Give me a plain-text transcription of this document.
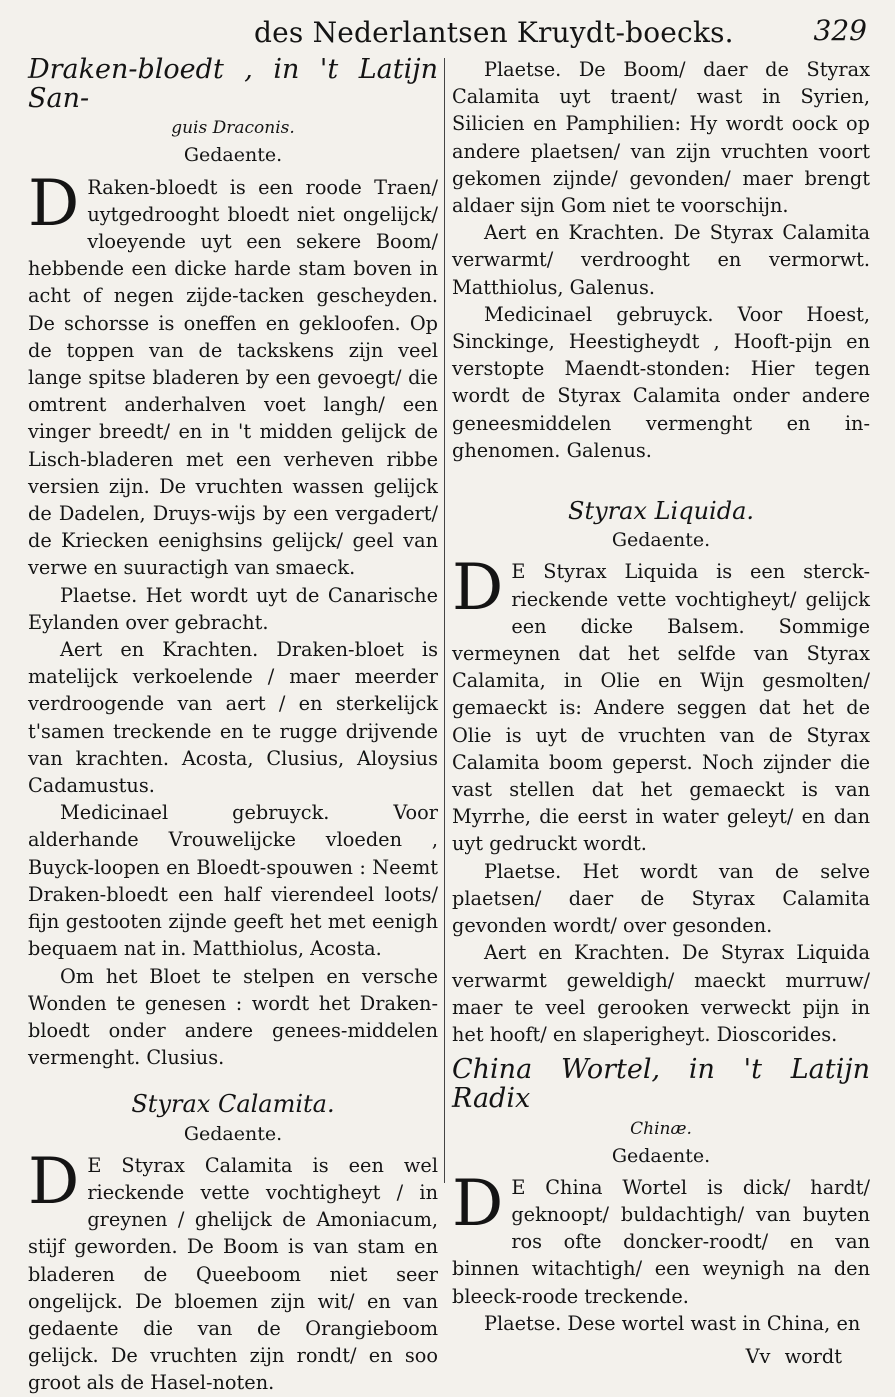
des Nederlantsen Kruydt-boecks.	329

Draken-bloedt , in 't Latijn San-
guis Draconis.

Gedaente.

D Raken-bloedt is een roode Traen/ uytgedrooght bloedt niet ongelijck/ vloeyende uyt een sekere Boom/ hebbende een dicke harde stam boven in acht of negen zijde-tacken gescheyden. De schorsse is oneffen en gekloofen. Op de toppen van de tackskens zijn veel lange spitse bladeren by een gevoegt/ die omtrent anderhalven voet langh/ een vinger breedt/ en in 't midden gelijck de Lisch-bladeren met een verheven ribbe versien zijn. De vruchten wassen gelijck de Dadelen, Druys-wijs by een vergadert/ de Kriecken eenighsins gelijck/ geel van verwe en suuractigh van smaeck.

Plaetse. Het wordt uyt de Canarische Eylanden over gebracht.

Aert en Krachten. Draken-bloet is matelijck verkoelende / maer meerder verdroogende van aert / en sterkelijck t'samen treckende en te rugge drijvende van krachten. Acosta, Clusius, Aloysius Cadamustus.

Medicinael gebruyck. Voor alderhande Vrouwelijcke vloeden , Buyck-loopen en Bloedt-spouwen : Neemt Draken-bloedt een half vierendeel loots/ fijn gestooten zijnde geeft het met eenigh bequaem nat in. Matthiolus, Acosta.

Om het Bloet te stelpen en versche Wonden te genesen : wordt het Draken-bloedt onder andere genees-middelen vermenght. Clusius.

Styrax Calamita.
Gedaente.

D E Styrax Calamita is een wel rieckende vette vochtigheyt / in greynen / ghelijck de Amoniacum, stijf geworden. De Boom is van stam en bladeren de Queeboom niet seer ongelijck. De bloemen zijn wit/ en van gedaente die van de Orangieboom gelijck. De vruchten zijn rondt/ en soo groot als de Hasel-noten.

Plaetse. De Boom/ daer de Styrax Calamita uyt traent/ wast in Syrien, Silicien en Pamphilien: Hy wordt oock op andere plaetsen/ van zijn vruchten voort gekomen zijnde/ gevonden/ maer brengt aldaer sijn Gom niet te voorschijn.

Aert en Krachten. De Styrax Calamita verwarmt/ verdrooght en vermorwt. Matthiolus, Galenus.

Medicinael gebruyck. Voor Hoest, Sinckinge, Heestigheydt , Hooft-pijn en verstopte Maendt-stonden: Hier tegen wordt de Styrax Calamita onder andere geneesmiddelen vermenght en in-ghenomen. Galenus.

Styrax Liquida.
Gedaente.

D E Styrax Liquida is een sterck-rieckende vette vochtigheyt/ gelijck een dicke Balsem. Sommige vermeynen dat het selfde van Styrax Calamita, in Olie en Wijn gesmolten/ gemaeckt is: Andere seggen dat het de Olie is uyt de vruchten van de Styrax Calamita boom geperst. Noch zijnder die vast stellen dat het gemaeckt is van Myrrhe, die eerst in water geleyt/ en dan uyt gedruckt wordt.

Plaetse. Het wordt van de selve plaetsen/ daer de Styrax Calamita gevonden wordt/ over gesonden.

Aert en Krachten. De Styrax Liquida verwarmt geweldigh/ maeckt murruw/ maer te veel gerooken verweckt pijn in het hooft/ en slaperigheyt. Dioscorides.

China Wortel, in 't Latijn Radix
Chinæ.

Gedaente.

D E China Wortel is dick/ hardt/ geknoopt/ buldachtigh/ van buyten ros ofte doncker-roodt/ en van binnen witachtigh/ een weynigh na den bleeck-roode treckende.

Plaetse. Dese wortel wast in China, en

Vv wordt
